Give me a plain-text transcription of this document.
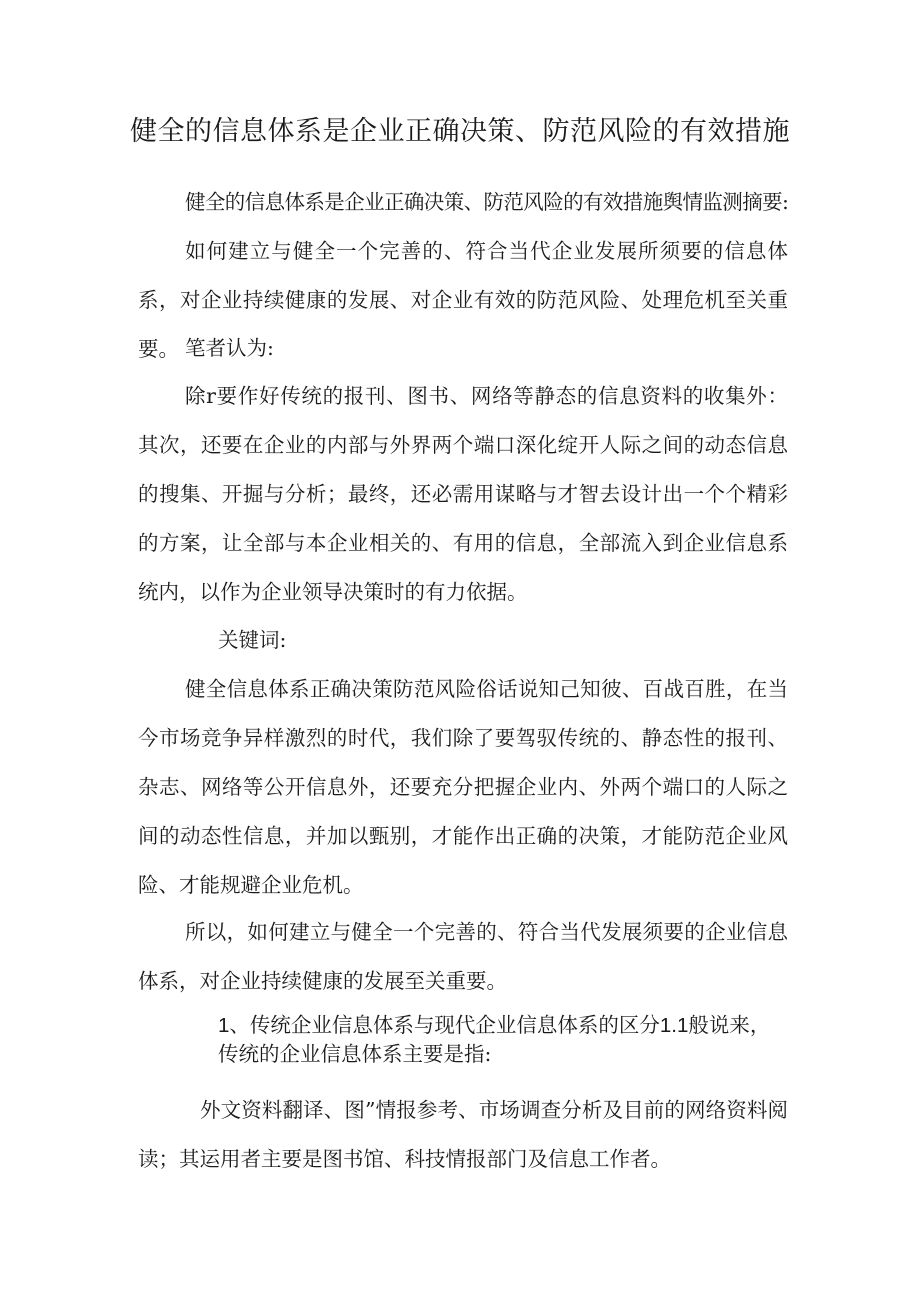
健全的信息体系是企业正确决策、防范风险的有效措施

健全的信息体系是企业正确决策、防范风险的有效措施舆情监测摘要:

如何建立与健全一个完善的、符合当代企业发展所须要的信息体系，对企业持续健康的发展、对企业有效的防范风险、处理危机至关重要。 笔者认为:

除r要作好传统的报刊、图书、网络等静态的信息资料的收集外：其次，还要在企业的内部与外界两个端口深化绽开人际之间的动态信息的搜集、开掘与分析；最终，还必需用谋略与才智去设计出一个个精彩的方案，让全部与本企业相关的、有用的信息，全部流入到企业信息系统内，以作为企业领导决策时的有力依据。

关键词:

健全信息体系正确决策防范风险俗话说知己知彼、百战百胜，在当今市场竞争异样激烈的时代，我们除了要驾驭传统的、静态性的报刊、杂志、网络等公开信息外，还要充分把握企业内、外两个端口的人际之间的动态性信息，并加以甄别，才能作出正确的决策，才能防范企业风险、才能规避企业危机。

所以，如何建立与健全一个完善的、符合当代发展须要的企业信息体系，对企业持续健康的发展至关重要。

1、传统企业信息体系与现代企业信息体系的区分1.1般说来，传统的企业信息体系主要是指:

外文资料翻译、图”情报参考、市场调查分析及目前的网络资料阅读；其运用者主要是图书馆、科技情报部门及信息工作者。
